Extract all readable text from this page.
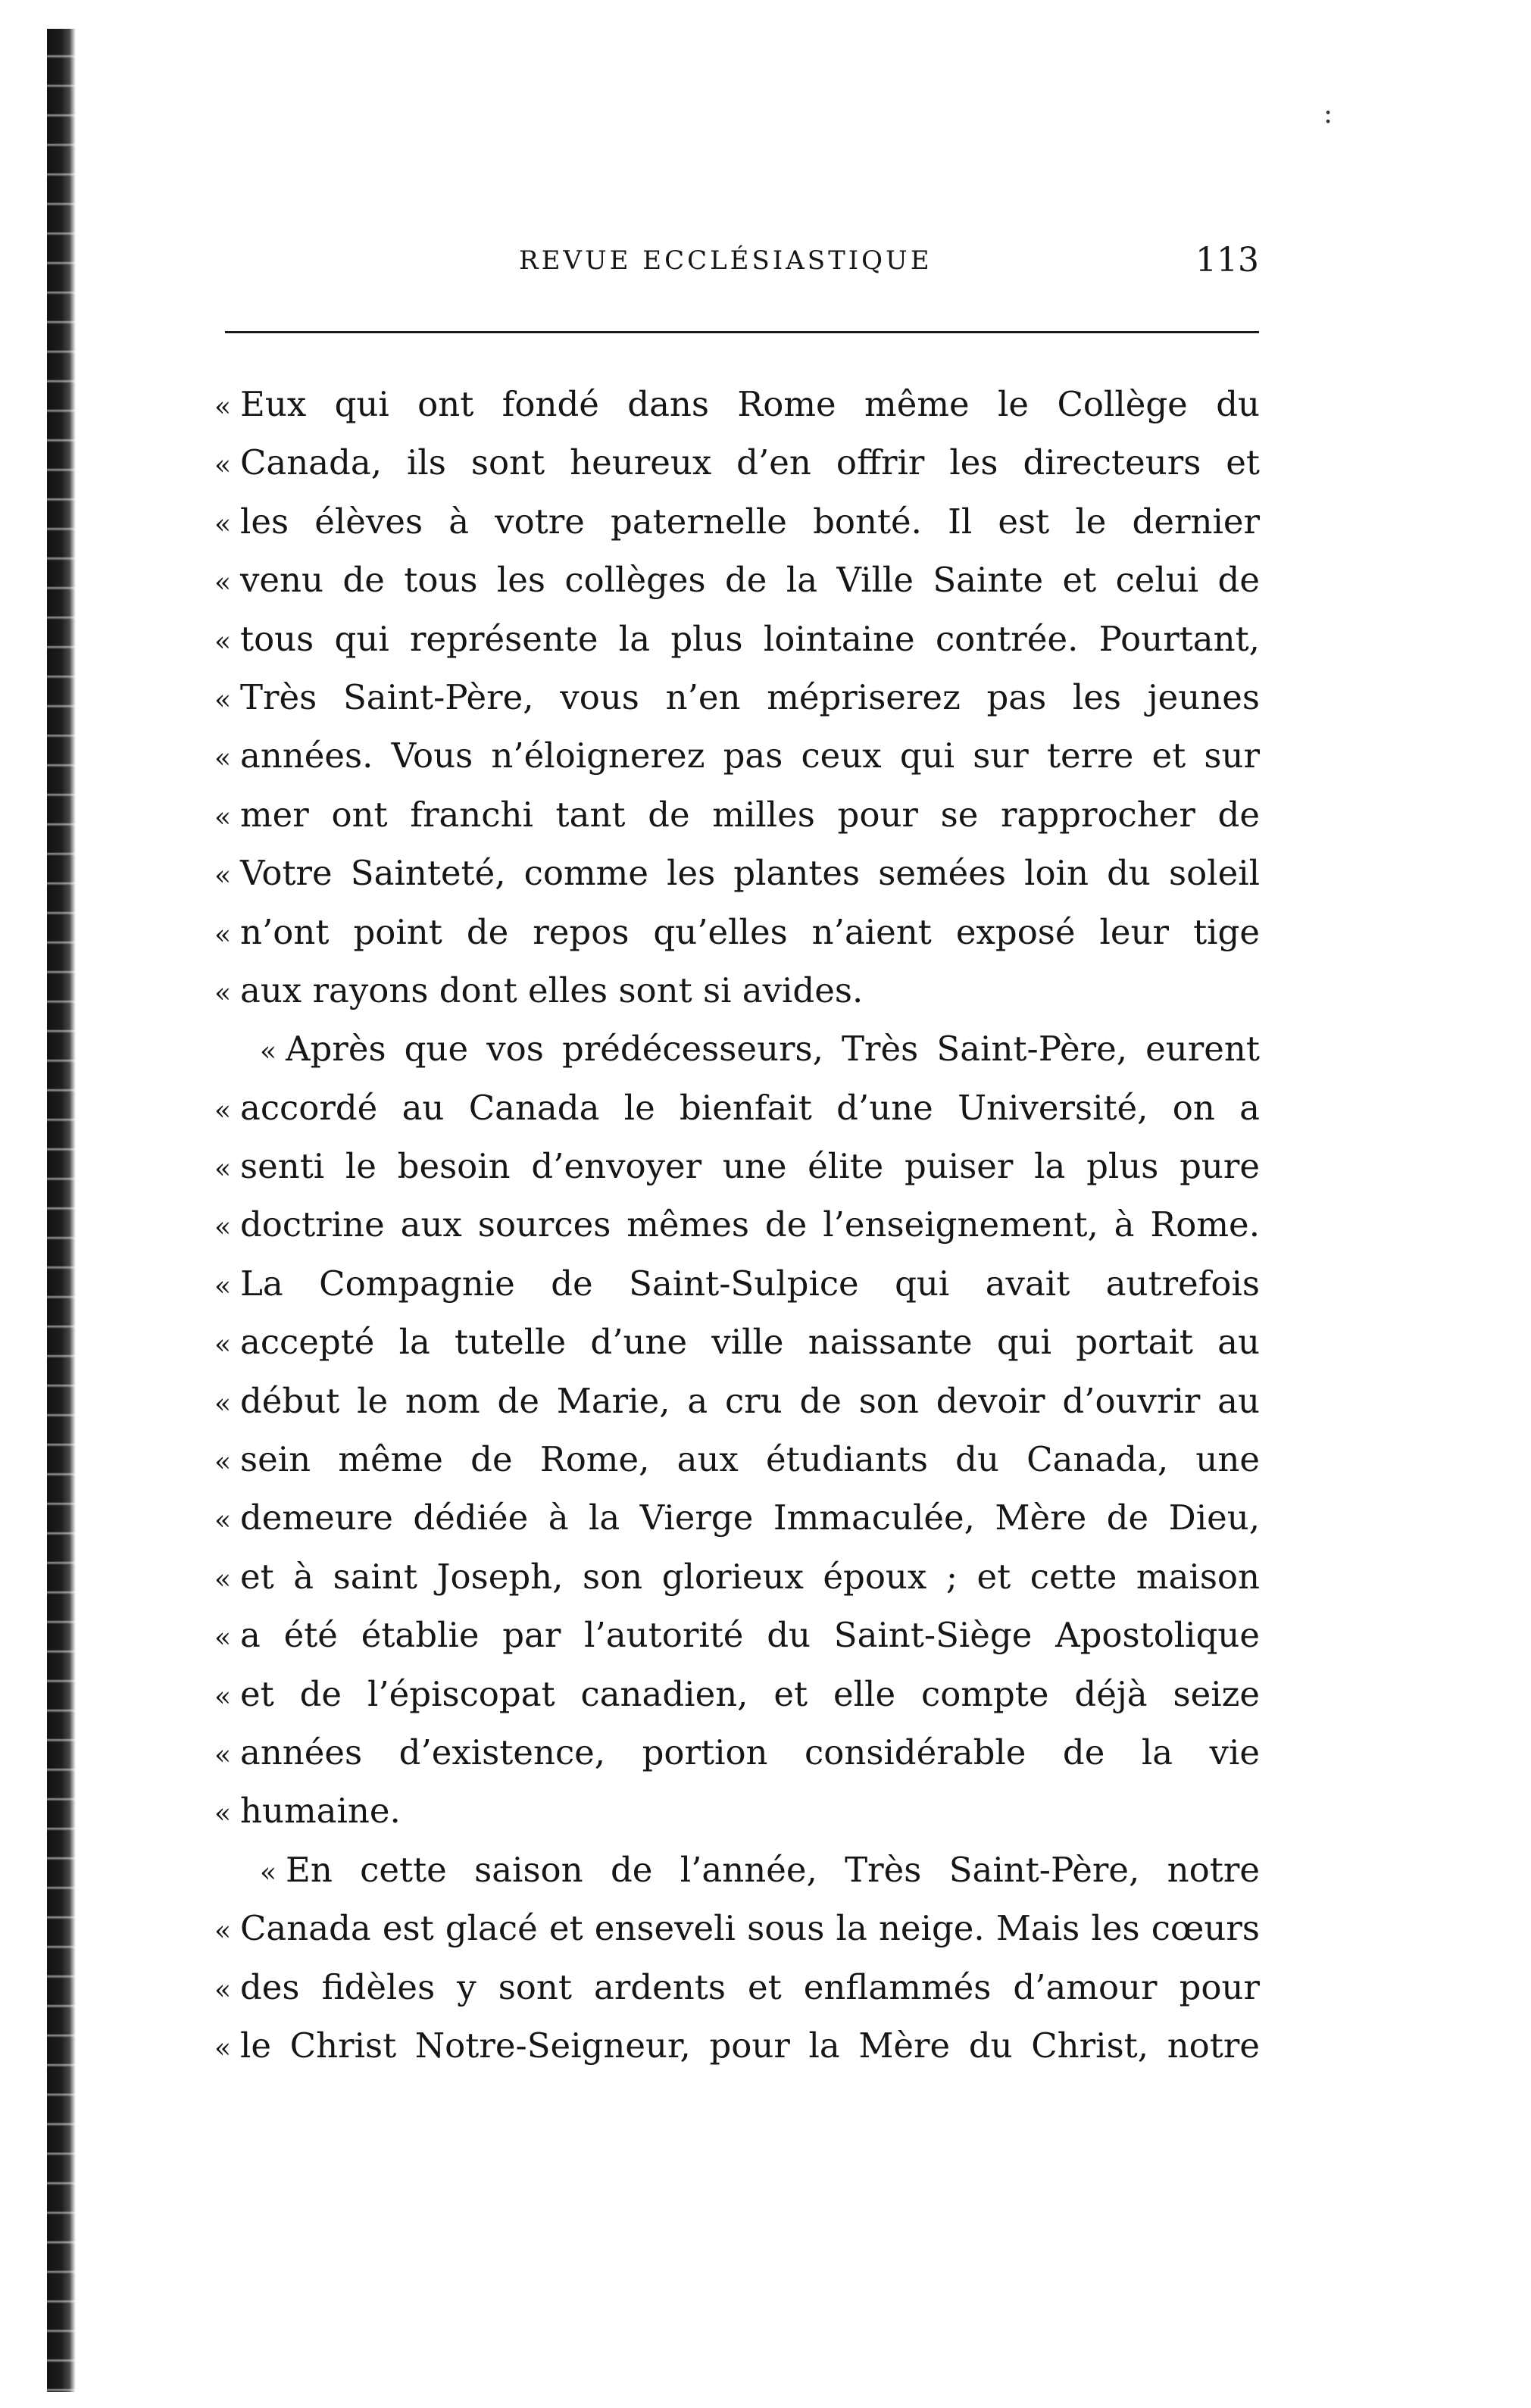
:
REVUE ECCLÉSIASTIQUE	113
« Eux qui ont fondé dans Rome même le Collège du
« Canada, ils sont heureux d’en offrir les directeurs et
« les élèves à votre paternelle bonté. Il est le dernier
« venu de tous les collèges de la Ville Sainte et celui de
« tous qui représente la plus lointaine contrée. Pourtant,
« Très Saint-Père, vous n’en mépriserez pas les jeunes
« années. Vous n’éloignerez pas ceux qui sur terre et sur
« mer ont franchi tant de milles pour se rapprocher de
« Votre Sainteté, comme les plantes semées loin du soleil
« n’ont point de repos qu’elles n’aient exposé leur tige
« aux rayons dont elles sont si avides.
« Après que vos prédécesseurs, Très Saint-Père, eurent
« accordé au Canada le bienfait d’une Université, on a
« senti le besoin d’envoyer une élite puiser la plus pure
« doctrine aux sources mêmes de l’enseignement, à Rome.
« La Compagnie de Saint-Sulpice qui avait autrefois
« accepté la tutelle d’une ville naissante qui portait au
« début le nom de Marie, a cru de son devoir d’ouvrir au
« sein même de Rome, aux étudiants du Canada, une
« demeure dédiée à la Vierge Immaculée, Mère de Dieu,
« et à saint Joseph, son glorieux époux ; et cette maison
« a été établie par l’autorité du Saint-Siège Apostolique
« et de l’épiscopat canadien, et elle compte déjà seize
« années d’existence, portion considérable de la vie
« humaine.
« En cette saison de l’année, Très Saint-Père, notre
« Canada est glacé et enseveli sous la neige. Mais les cœurs
« des fidèles y sont ardents et enflammés d’amour pour
« le Christ Notre-Seigneur, pour la Mère du Christ, notre
